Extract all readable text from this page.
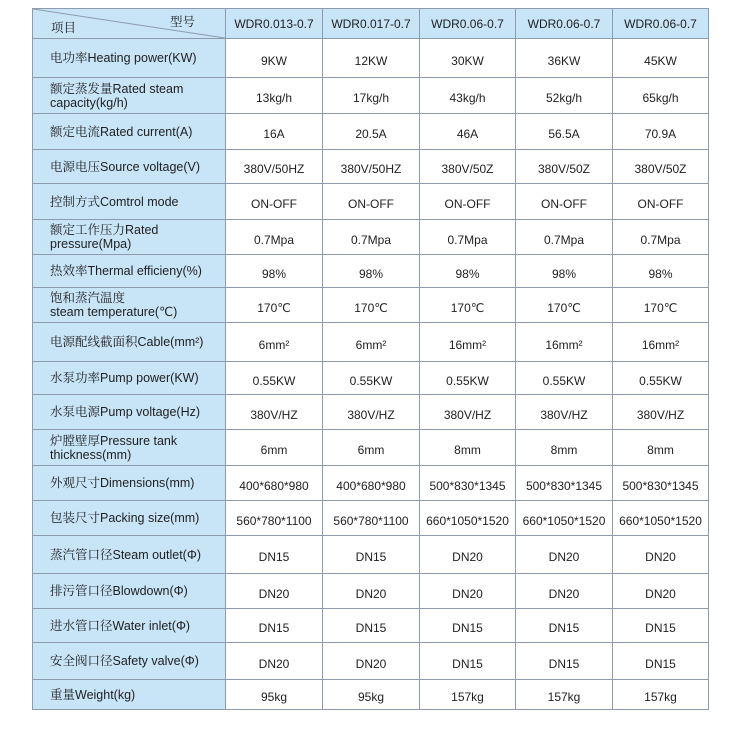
型号
项目	WDR0.013-0.7	WDR0.017-0.7	WDR0.06-0.7	WDR0.06-0.7	WDR0.06-0.7
电功率Heating power(KW)	9KW	12KW	30KW	36KW	45KW
额定蒸发量Rated steam
capacity(kg/h)	13kg/h	17kg/h	43kg/h	52kg/h	65kg/h
额定电流Rated current(A)	16A	20.5A	46A	56.5A	70.9A
电源电压Source voltage(V)	380V/50HZ	380V/50HZ	380V/50Z	380V/50Z	380V/50Z
控制方式Comtrol mode	ON-OFF	ON-OFF	ON-OFF	ON-OFF	ON-OFF
额定工作压力Rated
pressure(Mpa)	0.7Mpa	0.7Mpa	0.7Mpa	0.7Mpa	0.7Mpa
热效率Thermal efficieny(%)	98%	98%	98%	98%	98%
饱和蒸汽温度
steam temperature(℃)	170℃	170℃	170℃	170℃	170℃
电源配线截面积Cable(mm²)	6mm²	6mm²	16mm²	16mm²	16mm²
水泵功率Pump power(KW)	0.55KW	0.55KW	0.55KW	0.55KW	0.55KW
水泵电源Pump voltage(Hz)	380V/HZ	380V/HZ	380V/HZ	380V/HZ	380V/HZ
炉膛壁厚Pressure tank
thickness(mm)	6mm	6mm	8mm	8mm	8mm
外观尺寸Dimensions(mm)	400*680*980	400*680*980	500*830*1345	500*830*1345	500*830*1345
包装尺寸Packing size(mm)	560*780*1100	560*780*1100	660*1050*1520	660*1050*1520	660*1050*1520
蒸汽管口径Steam outlet(Φ)	DN15	DN15	DN20	DN20	DN20
排污管口径Blowdown(Φ)	DN20	DN20	DN20	DN20	DN20
进水管口径Water inlet(Φ)	DN15	DN15	DN15	DN15	DN15
安全阀口径Safety valve(Φ)	DN20	DN20	DN15	DN15	DN15
重量Weight(kg)	95kg	95kg	157kg	157kg	157kg
